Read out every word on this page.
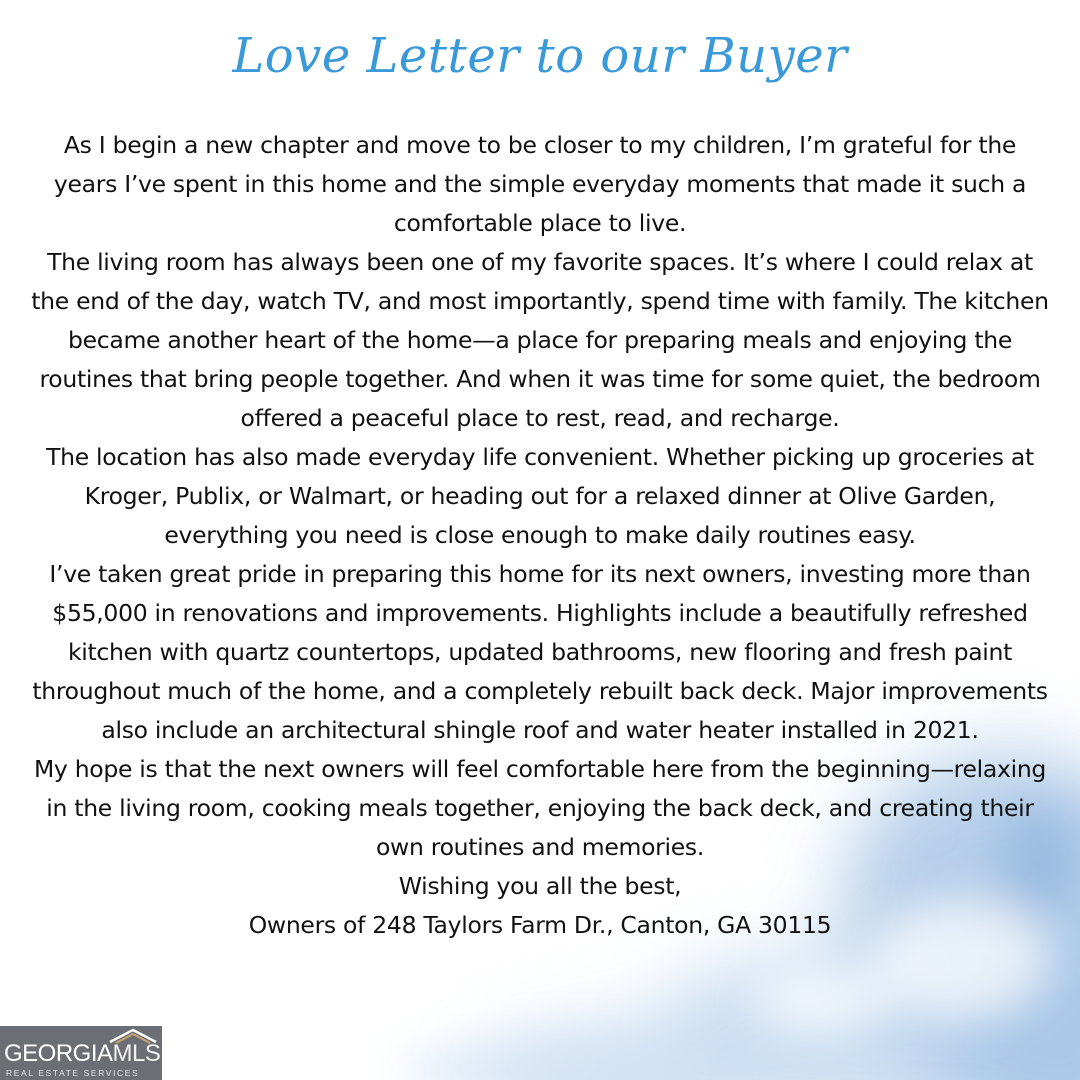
Love Letter to our Buyer

As I begin a new chapter and move to be closer to my children, I’m grateful for the years I’ve spent in this home and the simple everyday moments that made it such a comfortable place to live.

The living room has always been one of my favorite spaces. It’s where I could relax at the end of the day, watch TV, and most importantly, spend time with family. The kitchen became another heart of the home—a place for preparing meals and enjoying the routines that bring people together. And when it was time for some quiet, the bedroom offered a peaceful place to rest, read, and recharge.

The location has also made everyday life convenient. Whether picking up groceries at Kroger, Publix, or Walmart, or heading out for a relaxed dinner at Olive Garden, everything you need is close enough to make daily routines easy.

I’ve taken great pride in preparing this home for its next owners, investing more than $55,000 in renovations and improvements. Highlights include a beautifully refreshed kitchen with quartz countertops, updated bathrooms, new flooring and fresh paint throughout much of the home, and a completely rebuilt back deck. Major improvements also include an architectural shingle roof and water heater installed in 2021.

My hope is that the next owners will feel comfortable here from the beginning—relaxing in the living room, cooking meals together, enjoying the back deck, and creating their own routines and memories.

Wishing you all the best,

Owners of 248 Taylors Farm Dr., Canton, GA 30115

GEORGIAMLS
REAL ESTATE SERVICES
